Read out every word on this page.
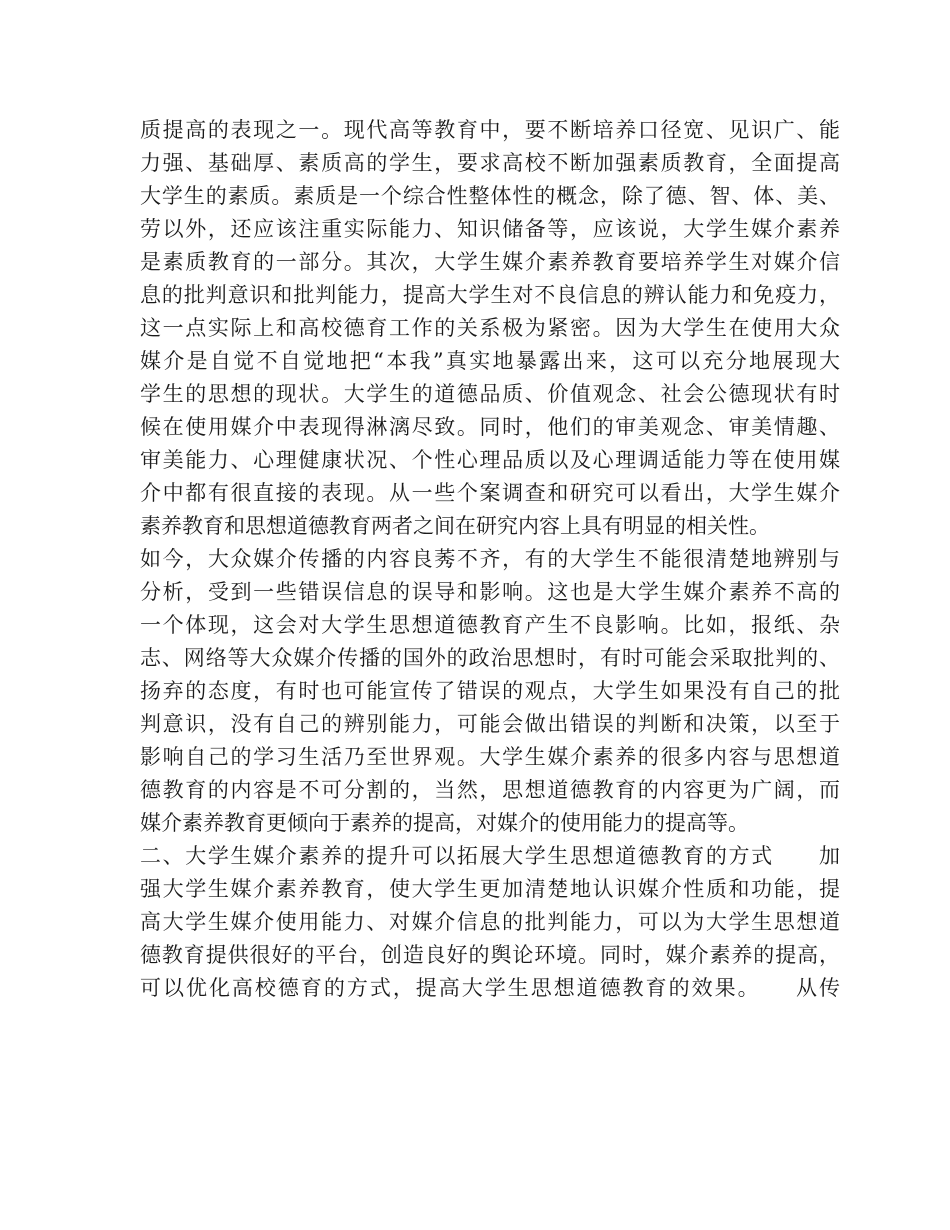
质提高的表现之一。现代高等教育中，要不断培养口径宽、见识广、能
力强、基础厚、素质高的学生，要求高校不断加强素质教育，全面提高
大学生的素质。素质是一个综合性整体性的概念，除了德、智、体、美、
劳以外，还应该注重实际能力、知识储备等，应该说，大学生媒介素养
是素质教育的一部分。其次，大学生媒介素养教育要培养学生对媒介信
息的批判意识和批判能力，提高大学生对不良信息的辨认能力和免疫力，
这一点实际上和高校德育工作的关系极为紧密。因为大学生在使用大众
媒介是自觉不自觉地把“本我”真实地暴露出来，这可以充分地展现大
学生的思想的现状。大学生的道德品质、价值观念、社会公德现状有时
候在使用媒介中表现得淋漓尽致。同时，他们的审美观念、审美情趣、
审美能力、心理健康状况、个性心理品质以及心理调适能力等在使用媒
介中都有很直接的表现。从一些个案调查和研究可以看出，大学生媒介
素养教育和思想道德教育两者之间在研究内容上具有明显的相关性。
如今，大众媒介传播的内容良莠不齐，有的大学生不能很清楚地辨别与
分析，受到一些错误信息的误导和影响。这也是大学生媒介素养不高的
一个体现，这会对大学生思想道德教育产生不良影响。比如，报纸、杂
志、网络等大众媒介传播的国外的政治思想时，有时可能会采取批判的、
扬弃的态度，有时也可能宣传了错误的观点，大学生如果没有自己的批
判意识，没有自己的辨别能力，可能会做出错误的判断和决策，以至于
影响自己的学习生活乃至世界观。大学生媒介素养的很多内容与思想道
德教育的内容是不可分割的，当然，思想道德教育的内容更为广阔，而
媒介素养教育更倾向于素养的提高，对媒介的使用能力的提高等。
二、大学生媒介素养的提升可以拓展大学生思想道德教育的方式　　加
强大学生媒介素养教育，使大学生更加清楚地认识媒介性质和功能，提
高大学生媒介使用能力、对媒介信息的批判能力，可以为大学生思想道
德教育提供很好的平台，创造良好的舆论环境。同时，媒介素养的提高，
可以优化高校德育的方式，提高大学生思想道德教育的效果。　　从传
